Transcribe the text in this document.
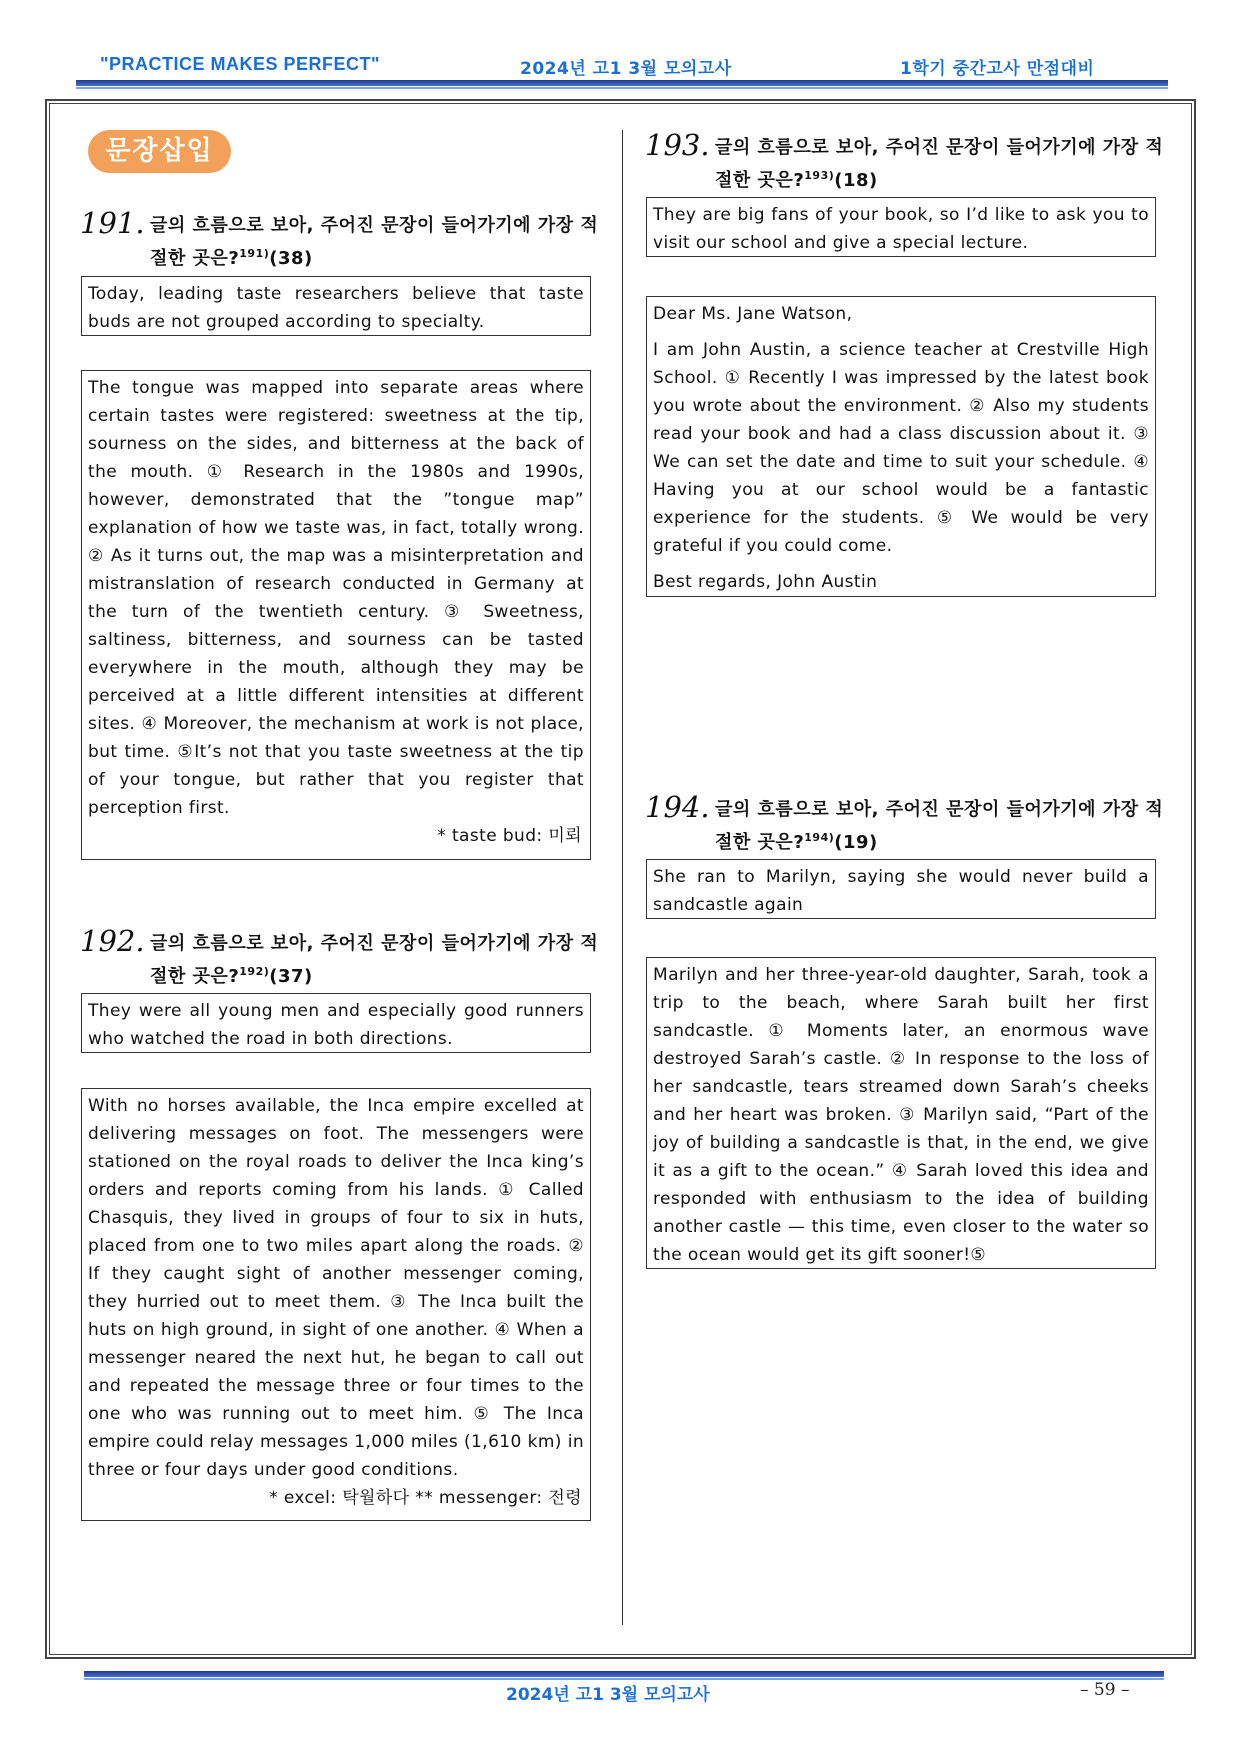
"PRACTICE MAKES PERFECT"	2024년 고1 3월 모의고사	1학기 중간고사 만점대비
문장삽입
191. 글의 흐름으로 보아, 주어진 문장이 들어가기에 가장 적절한 곳은?$^{191)}$(38)

Today, leading taste researchers believe that taste buds are not grouped according to specialty.

The tongue was mapped into separate areas where certain tastes were registered: sweetness at the tip, sourness on the sides, and bitterness at the back of the mouth. ① Research in the 1980s and 1990s, however, demonstrated that the ”tongue map” explanation of how we taste was, in fact, totally wrong. ② As it turns out, the map was a misinterpretation and mistranslation of research conducted in Germany at the turn of the twentieth century. ③ Sweetness, saltiness, bitterness, and sourness can be tasted everywhere in the mouth, although they may be perceived at a little different intensities at different sites. ④ Moreover, the mechanism at work is not place, but time. ⑤It’s not that you taste sweetness at the tip of your tongue, but rather that you register that perception first.

* taste bud: 미뢰

192. 글의 흐름으로 보아, 주어진 문장이 들어가기에 가장 적절한 곳은?$^{192)}$(37)

They were all young men and especially good runners who watched the road in both directions.

With no horses available, the Inca empire excelled at delivering messages on foot. The messengers were stationed on the royal roads to deliver the Inca king’s orders and reports coming from his lands. ① Called Chasquis, they lived in groups of four to six in huts, placed from one to two miles apart along the roads. ② If they caught sight of another messenger coming, they hurried out to meet them. ③ The Inca built the huts on high ground, in sight of one another. ④ When a messenger neared the next hut, he began to call out and repeated the message three or four times to the one who was running out to meet him. ⑤ The Inca empire could relay messages 1,000 miles (1,610 km) in three or four days under good conditions.

* excel: 탁월하다 ** messenger: 전령

193. 글의 흐름으로 보아, 주어진 문장이 들어가기에 가장 적절한 곳은?$^{193)}$(18)

They are big fans of your book, so I’d like to ask you to visit our school and give a special lecture.

Dear Ms. Jane Watson,

I am John Austin, a science teacher at Crestville High School. ① Recently I was impressed by the latest book you wrote about the environment. ② Also my students read your book and had a class discussion about it. ③ We can set the date and time to suit your schedule. ④ Having you at our school would be a fantastic experience for the students. ⑤ We would be very grateful if you could come.

Best regards, John Austin

194. 글의 흐름으로 보아, 주어진 문장이 들어가기에 가장 적절한 곳은?$^{194)}$(19)

She ran to Marilyn, saying she would never build a sandcastle again

Marilyn and her three-year-old daughter, Sarah, took a trip to the beach, where Sarah built her first sandcastle. ① Moments later, an enormous wave destroyed Sarah’s castle. ② In response to the loss of her sandcastle, tears streamed down Sarah’s cheeks and her heart was broken. ③ Marilyn said, “Part of the joy of building a sandcastle is that, in the end, we give it as a gift to the ocean.” ④ Sarah loved this idea and responded with enthusiasm to the idea of building another castle — this time, even closer to the water so the ocean would get its gift sooner!⑤

2024년 고1 3월 모의고사	– 59 –
